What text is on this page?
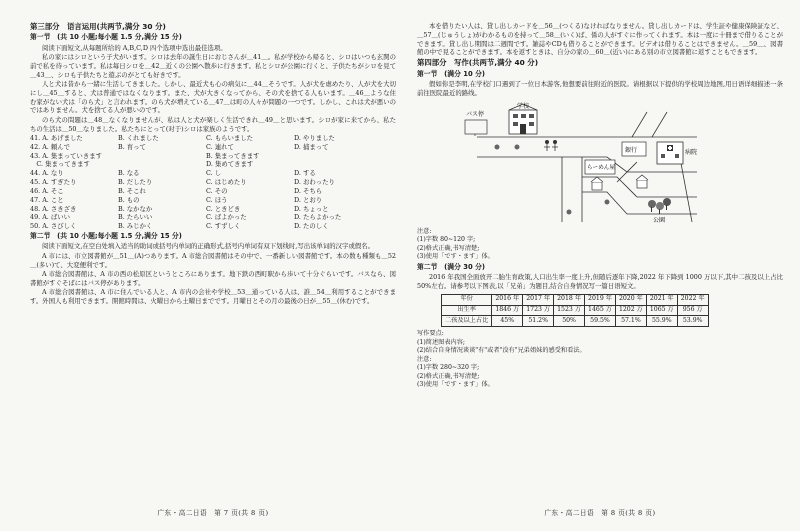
第三部分　语言运用(共两节,满分 30 分)
第一节　(共 10 小题;每小题 1.5 分,满分 15 分)

阅读下面短文,从每题所给的 A,B,C,D 四个选项中选出最佳选项。

私の家にはシロという子犬がいます。シロは去年の誕生日におじさんが＿41＿。私が学校から帰ると、シロはいつも玄関の前で私を待っています。私は毎日シロを＿42＿近くの公園へ散歩に行きます。私とシロが公園に行くと、子供たちがシロを見て＿43＿、シロも子供たちと遊ぶのがとても好きです。

人と犬は昔から一緒に生活してきました。しかし、最近犬も心の病気に＿44＿そうです。人が犬を虐めたり、人が犬を大切にし＿45＿すると、犬は普通ではなくなります。また、犬が大きくなってから、その犬を捨てる人もいます。＿46＿ような住む家がない犬は「のら犬」と言われます。のら犬が増えている＿47＿は町の人々が問題の一つです。しかし、これは犬が悪いのではありません。犬を捨てる人が悪いのです。

のら犬の問題は＿48＿なくなりませんが、私は人と犬が楽しく生活できれ＿49＿と思います。シロが家に来てから、私たちの生活は＿50＿なりました。私たちにとって(对于)シロは家族のようです。

41. A. あげました	B. くれました	C. もらいました	D. やりました
42. A. 頼んで	B. 育って	C. 連れて	D. 捕まって
43. A. 集まっていきます	B. 集まってきます
　C. 集まってきます	D. 集めてきます
44. A. なり	B. なる	C. し	D. する
45. A. すぎたり	B. だしたり	C. はじめたり	D. おわったり
46. A. そこ	B. そこれ	C. その	D. そちら
47. A. こと	B. もの	C. ほう	D. とおり
48. A. さきざき	B. なかなか	C. ときどき	D. ちょっと
49. A. ばいい	B. たらいい	C. ばよかった	D. たらよかった
50. A. さびしく	B. みじかく	C. すずしく	D. たのしく
第二节　(共 10 小题;每小题 1.5 分,满分 15 分)

阅读下面短文,在空白处填入适当的助词或括号内单词的正确形式,括号内单词有双下划线时,写出该单词的汉字或假名。

A 市には、市立図書館が＿51＿(A)つあります。A 市総合図書館はその中で、一番新しい図書館です。本の数も種類も＿52＿(多い)て、大変便利です。

A 市総合図書館は、A 市の西の松原区というところにあります。地下鉄の西町駅から歩いて十分ぐらいです。バスなら、図書館がすぐそばにはバス停があります。

A 市総合図書館は、A 市に住んでいる人と、A 市内の会社や学校＿53＿通っている人は、誰＿54＿利用することができます。外国人も利用できます。開館時間は、火曜日から土曜日までです。月曜日とその月の最後の日が＿55＿(休む)です。

广东・高二日语　第 7 页(共 8 页)

本を借りたい人は、貸し出しカードを＿56＿(つくる)なければなりません。貸し出しカードは、学生証や健康保険証など、＿57＿(じゅうしょ)がわかるものを持って＿58＿(いく)ば、係の人がすぐに作ってくれます。本は一度に十冊まで借りることができます。貸し出し期間は二週間です。雑誌やCDも借りることができます。ビデオは借りることはできません。＿59＿、図書館の中で見ることができます。本を返すときは、自分の家の＿60＿(近い)にある別の市立図書館に返すこともできます。

第四部分　写作(共两节,满分 40 分)
第一节　(满分 10 分)

假如你是李明,在学校门口遇到了一位日本游客,他想要前往附近的医院。请根据以下提供的学校周边地图,用日语详细描述一条前往医院最近的路线。

バス停
学校
らーめん屋
病院
銀行
公園
注意:
(1)字数 80~120 字;
(2)格式正确,书写清楚;
(3)使用「です・ます」体。
第二节　(满分 30 分)

2016 年我国全面放开二胎生育政策,人口出生率一度上升,但随后逐年下降,2022 年下降到 1000 万以下,其中二孩及以上占比 50%左右。请参考以下图表,以「兄弟」为题目,结合自身情况写一篇日语短文。

年份	2016 年	2017 年	2018 年	2019 年	2020 年	2021 年	2022 年
出生率	1846 万	1723 万	1523 万	1465 万	1202 万	1065 万	956 万
二孩及以上占比	45%	51.2%	50%	59.5%	57.1%	55.9%	53.9%
写作要点:
(1)简述图表内容;
(2)结合自身情况谈谈"有"或者"没有"兄弟姐妹的感受和看法。
注意:
(1)字数 280~320 字;
(2)格式正确,书写清楚;
(3)使用「です・ます」体。
广东・高二日语　第 8 页(共 8 页)
